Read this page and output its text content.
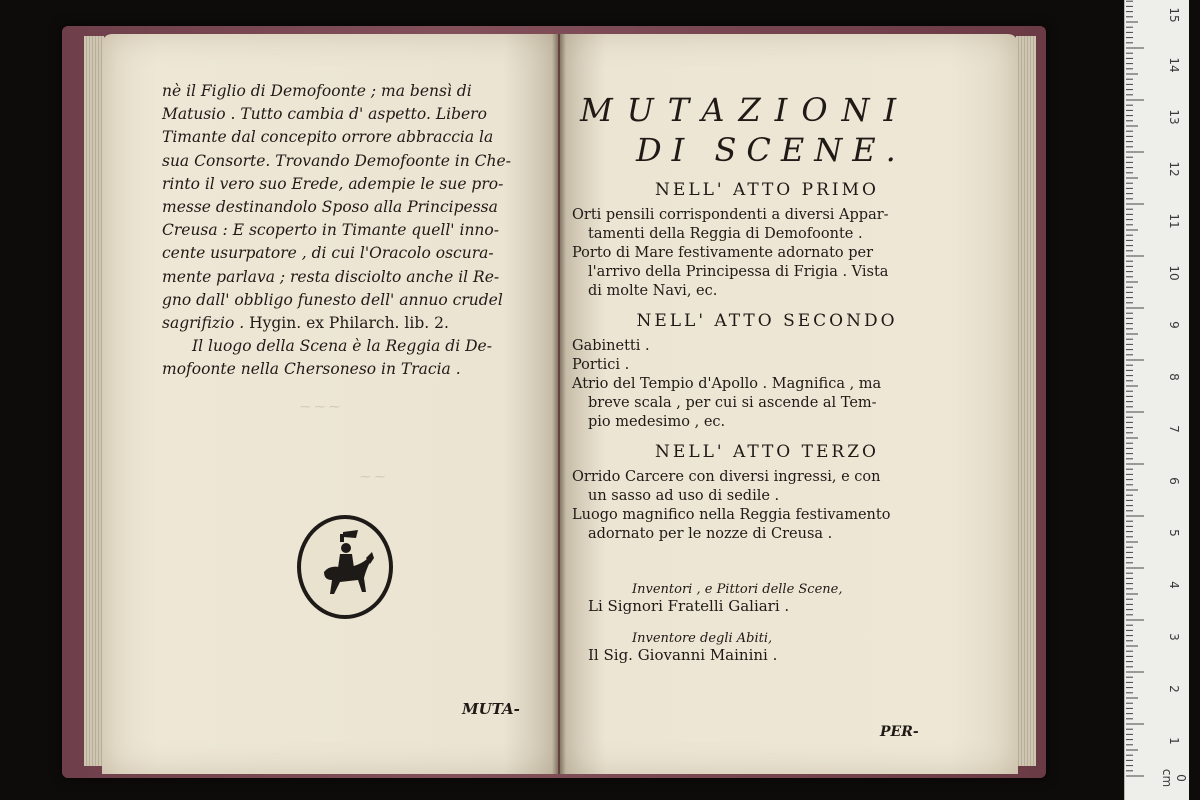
⁓ ⁓ ⁓
⁓ ⁓
nè il Figlio di Demofoonte ; ma bensì di
Matusio . Tutto cambia d' aspetto. Libero
Timante dal concepito orrore abbraccia la
sua Consorte. Trovando Demofoonte in Che-
rinto il vero suo Erede, adempie le sue pro-
messe destinandolo Sposo alla Principessa
Creusa : E scoperto in Timante quell' inno-
cente usurpatore , di cui l'Oracolo oscura-
mente parlava ; resta disciolto anche il Re-
gno dall' obbligo funesto dell' annuo crudel
sagrifizio . Hygin. ex Philarch. lib. 2.
Il luogo della Scena è la Reggia di De-
mofoonte nella Chersoneso in Tracia .
MUTA-
MUTAZIONI
DI SCENE.
NELL' ATTO PRIMO

Orti pensili corrispondenti a diversi Appar-
tamenti della Reggia di Demofoonte .

Porto di Mare festivamente adornato per
l'arrivo della Principessa di Frigia . Vista
di molte Navi, ec.

NELL' ATTO SECONDO

Gabinetti .

Portici .

Atrio del Tempio d'Apollo . Magnifica , ma
breve scala , per cui si ascende al Tem-
pio medesimo , ec.

NELL' ATTO TERZO

Orrido Carcere con diversi ingressi, e con
un sasso ad uso di sedile .

Luogo magnifico nella Reggia festivamento
adornato per le nozze di Creusa .

Inventori , e Pittori delle Scene,
Li Signori Fratelli Galiari .
Inventore degli Abiti,
Il Sig. Giovanni Mainini .
PER-
0 cm
1
2
3
4
5
6
7
8
9
10
11
12
13
14
15
